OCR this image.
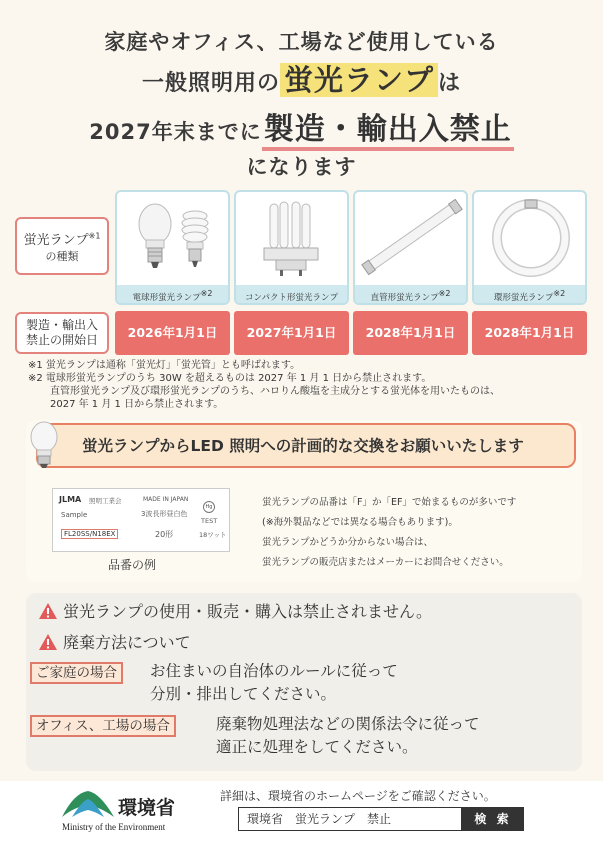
家庭やオフィス、工場など使用している
一般照明用の 蛍光ランプ は
2027年末までに製造・輸出入禁止
になります
蛍光ランプ$^{※1}$
の種類
製造・輸出入
禁止の開始日
電球形蛍光ランプ※2	コンパクト形蛍光ランプ	直管形蛍光ランプ※2	環形蛍光ランプ※2
2026年1月1日	2027年1月1日	2028年1月1日	2028年1月1日
※1 蛍光ランプは通称「蛍光灯」「蛍光管」とも呼ばれます。
※2 電球形蛍光ランプのうち 30W を超えるものは 2027 年 1 月 1 日から禁止されます。
直管形蛍光ランプ及び環形蛍光ランプのうち、ハロりん酸塩を主成分とする蛍光体を用いたものは、
2027 年 1 月 1 日から禁止されます。
蛍光ランプからLED 照明への計画的な交換をお願いいたします
JLMA 照明工業会	MADE IN JAPAN
Hg
Sample	3波長形昼白色
TEST
FL20SS/N18EX	20形	18ワット
品番の例
蛍光ランプの品番は「F」か「EF」で始まるものが多いです
(※海外製品などでは異なる場合もあります)。
蛍光ランプかどうか分からない場合は、
蛍光ランプの販売店またはメーカーにお問合せください。
蛍光ランプの使用・販売・購入は禁止されません。
廃棄方法について
ご家庭の場合	お住まいの自治体のルールに従って
分別・排出してください。
オフィス、工場の場合	廃棄物処理法などの関係法令に従って
適正に処理をしてください。
環境省
Ministry of the Environment
詳細は、環境省のホームページをご確認ください。
環境省　蛍光ランプ　禁止	検 索
